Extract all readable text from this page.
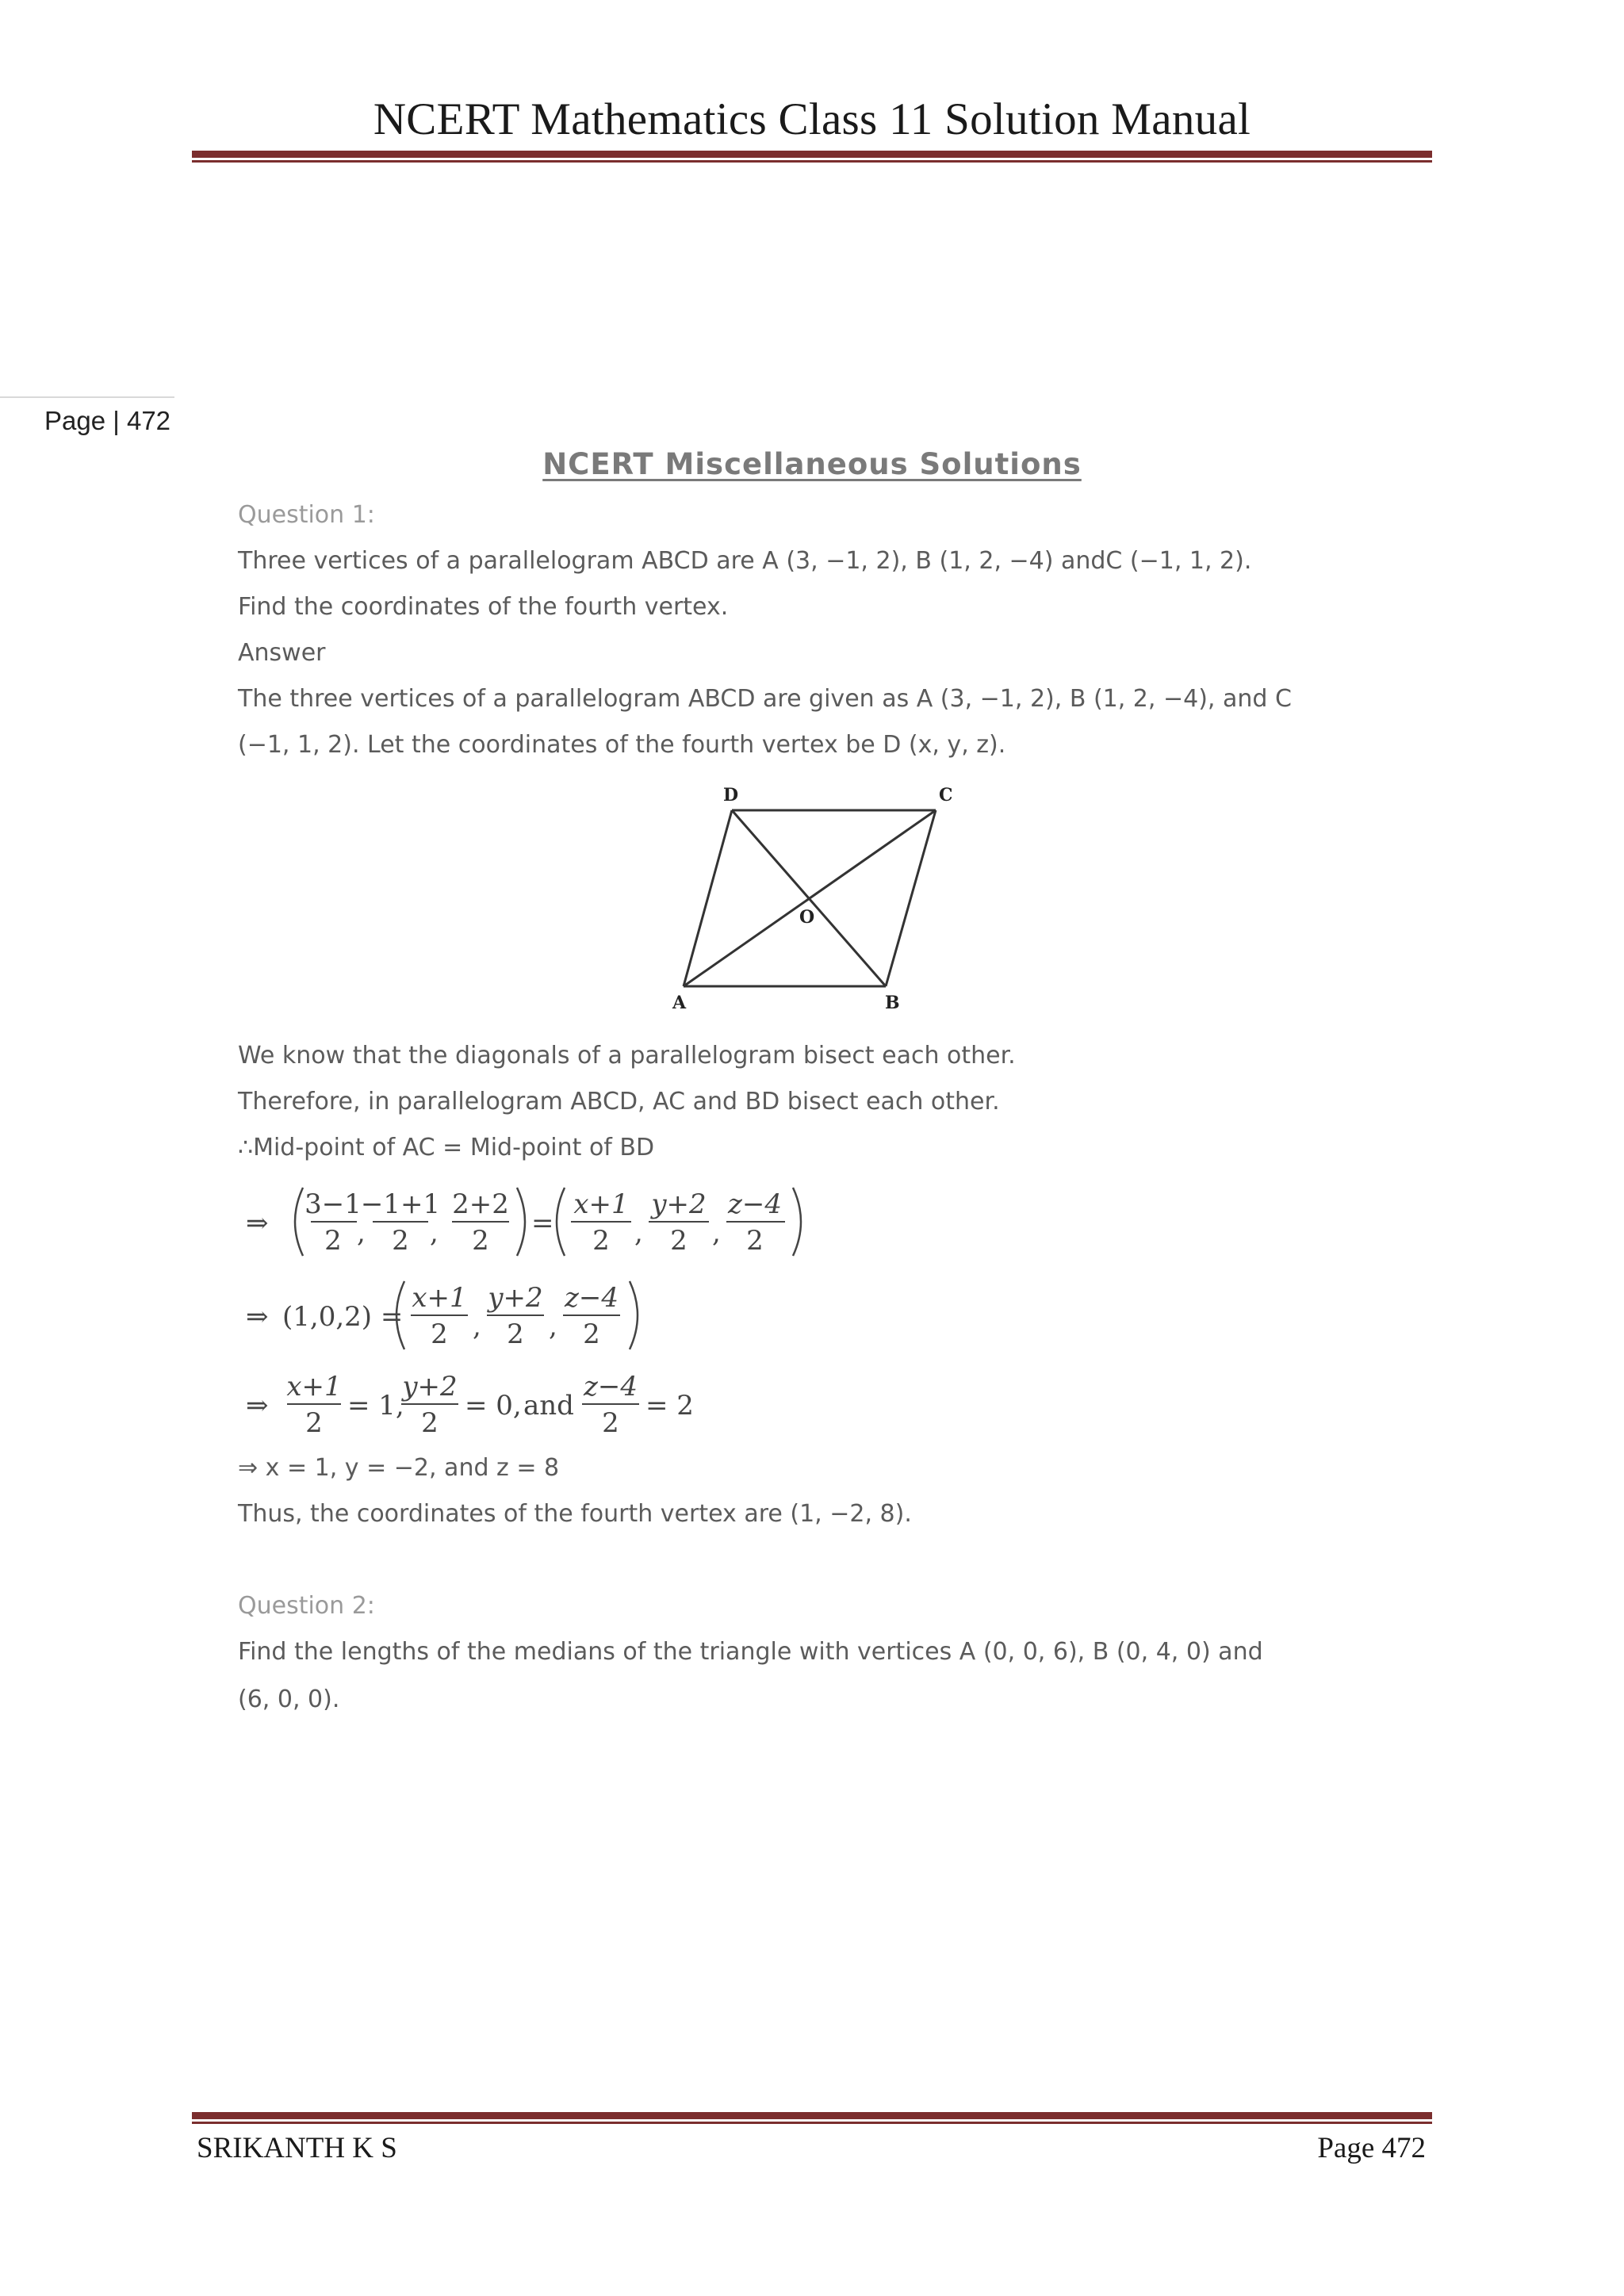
NCERT Mathematics Class 11 Solution Manual
Page | 472
NCERT Miscellaneous Solutions
Question 1:
Three vertices of a parallelogram ABCD are A (3, −1, 2), B (1, 2, −4) andC (−1, 1, 2).
Find the coordinates of the fourth vertex.
Answer
The three vertices of a parallelogram ABCD are given as A (3, −1, 2), B (1, 2, −4), and C
(−1, 1, 2). Let the coordinates of the fourth vertex be D (x, y, z).
D	C
A	B
O
We know that the diagonals of a parallelogram bisect each other.
Therefore, in parallelogram ABCD, AC and BD bisect each other.
∴Mid-point of AC = Mid-point of BD
⇒
3−1
2 ,
−1+1
2 ,
2+2
2
=
x+1
2 ,
y+2
2 ,
z−4
2
⇒ (1,0,2) =
x+1
2 ,
y+2
2 ,
z−4
2
⇒
x+1
2
= 1,
y+2
2
= 0, and
z−4
2
= 2
⇒ x = 1, y = −2, and z = 8
Thus, the coordinates of the fourth vertex are (1, −2, 8).
Question 2:
Find the lengths of the medians of the triangle with vertices A (0, 0, 6), B (0, 4, 0) and
(6, 0, 0).
SRIKANTH K S	Page 472
